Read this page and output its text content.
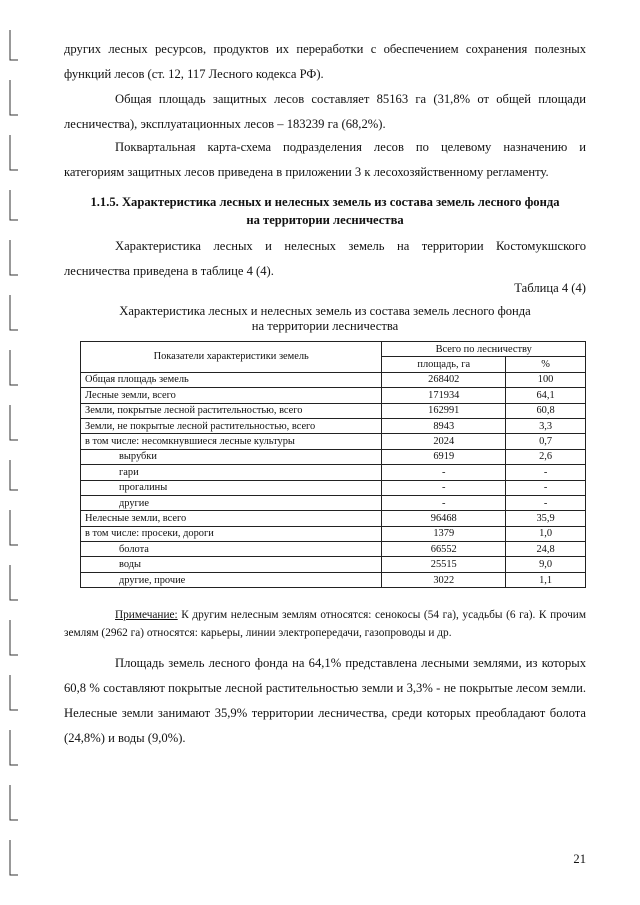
других лесных ресурсов, продуктов их переработки с обеспечением сохранения полезных функций лесов (ст. 12, 117 Лесного кодекса РФ).
Общая площадь защитных лесов составляет 85163 га (31,8% от общей площади лесничества), эксплуатационных лесов – 183239 га (68,2%).
Поквартальная карта-схема подразделения лесов по целевому назначению и категориям защитных лесов приведена в приложении 3 к лесохозяйственному регламенту.
1.1.5. Характеристика лесных и нелесных земель из состава земель лесного фонда
на территории лесничества
Характеристика лесных и нелесных земель на территории Костомукшского лесничества приведена в таблице 4 (4).
Таблица 4 (4)
Характеристика лесных и нелесных земель из состава земель лесного фонда
на территории лесничества
Показатели характеристики земель	Всего по лесничеству	
	площадь, га	%
Общая площадь земель	268402	100
Лесные земли, всего	171934	64,1
Земли, покрытые лесной растительностью, всего	162991	60,8
Земли, не покрытые лесной растительностью, всего	8943	3,3
в том числе: несомкнувшиеся лесные культуры	2024	0,7
вырубки	6919	2,6
гари	-	-
прогалины	-	-
другие	-	-
Нелесные земли, всего	96468	35,9
в том числе: просеки, дороги	1379	1,0
болота	66552	24,8
воды	25515	9,0
другие, прочие	3022	1,1
Примечание: К другим нелесным землям относятся: сенокосы (54 га), усадьбы (6 га). К прочим землям (2962 га) относятся: карьеры, линии электропередачи, газопроводы и др.
Площадь земель лесного фонда на 64,1% представлена лесными землями, из которых 60,8 % составляют покрытые лесной растительностью земли и 3,3% - не покрытые лесом земли. Нелесные земли занимают 35,9% территории лесничества, среди которых преобладают болота (24,8%) и воды (9,0%).
21
